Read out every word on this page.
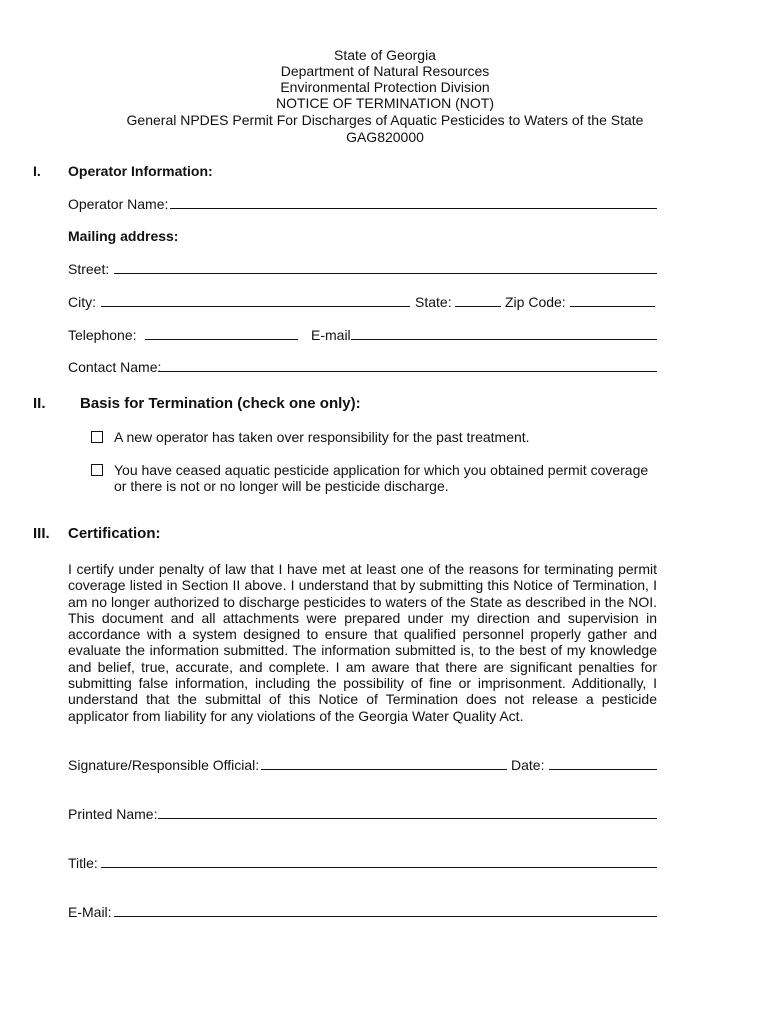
State of Georgia
Department of Natural Resources
Environmental Protection Division
NOTICE OF TERMINATION (NOT)
General NPDES Permit For Discharges of Aquatic Pesticides to Waters of the State
GAG820000
I. Operator Information:
Operator Name:
Mailing address:
Street:
City:	State:	Zip Code:
Telephone:	E-mail
Contact Name:
II. Basis for Termination (check one only):
A new operator has taken over responsibility for the past treatment.
You have ceased aquatic pesticide application for which you obtained permit coverage
or there is not or no longer will be pesticide discharge.
III. Certification:
I certify under penalty of law that I have met at least one of the reasons for terminating permit coverage listed in Section II above. I understand that by submitting this Notice of Termination, I am no longer authorized to discharge pesticides to waters of the State as described in the NOI. This document and all attachments were prepared under my direction and supervision in accordance with a system designed to ensure that qualified personnel properly gather and evaluate the information submitted. The information submitted is, to the best of my knowledge and belief, true, accurate, and complete. I am aware that there are significant penalties for submitting false information, including the possibility of fine or imprisonment. Additionally, I understand that the submittal of this Notice of Termination does not release a pesticide applicator from liability for any violations of the Georgia Water Quality Act.
Signature/Responsible Official:	Date:
Printed Name:
Title:
E-Mail:
